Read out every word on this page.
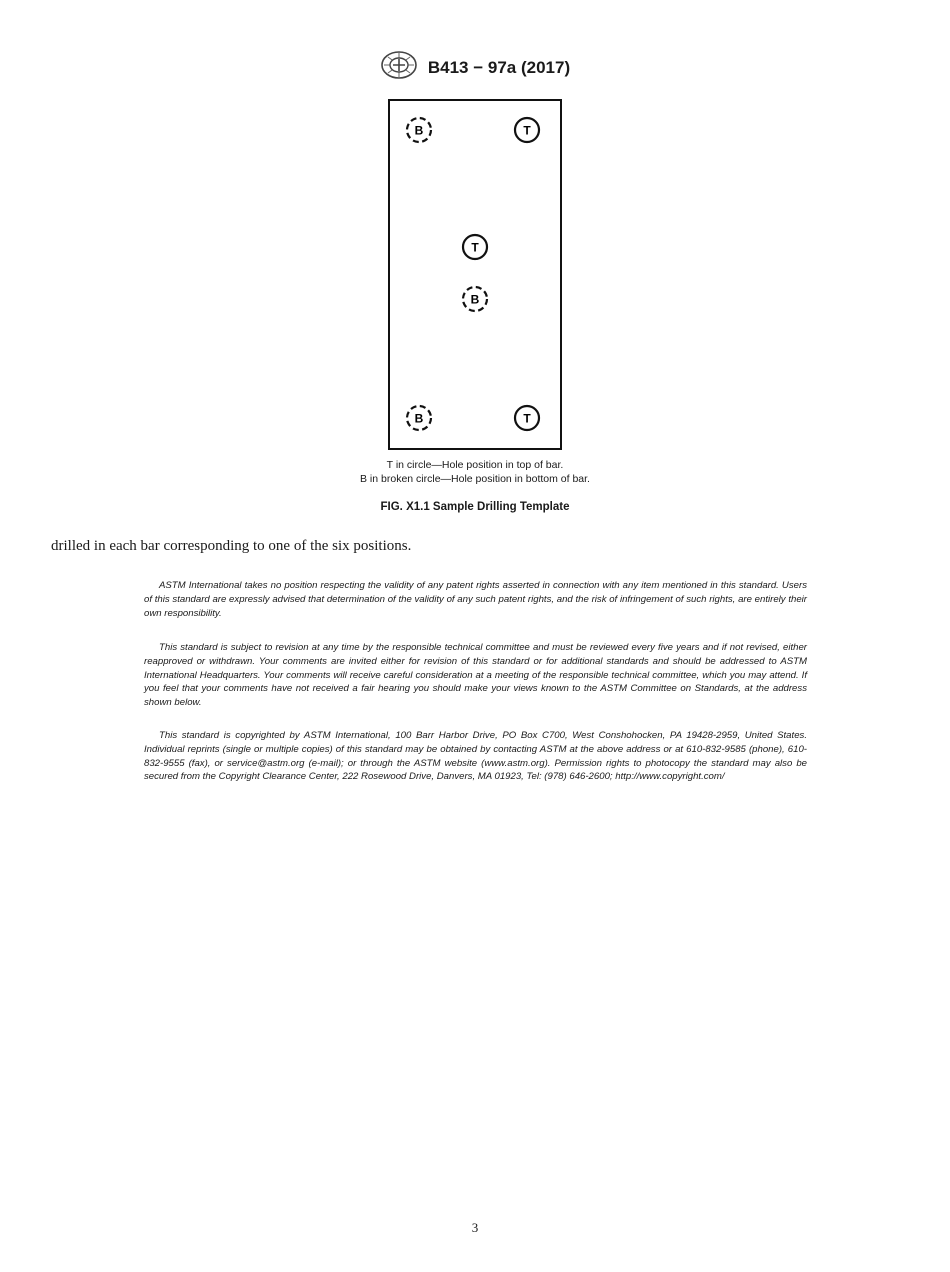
B413 − 97a (2017)
B	T
T
B
B	T
T in circle—Hole position in top of bar.
B in broken circle—Hole position in bottom of bar.
FIG. X1.1 Sample Drilling Template
drilled in each bar corresponding to one of the six positions.

ASTM International takes no position respecting the validity of any patent rights asserted in connection with any item mentioned in this standard. Users of this standard are expressly advised that determination of the validity of any such patent rights, and the risk of infringement of such rights, are entirely their own responsibility.

This standard is subject to revision at any time by the responsible technical committee and must be reviewed every five years and if not revised, either reapproved or withdrawn. Your comments are invited either for revision of this standard or for additional standards and should be addressed to ASTM International Headquarters. Your comments will receive careful consideration at a meeting of the responsible technical committee, which you may attend. If you feel that your comments have not received a fair hearing you should make your views known to the ASTM Committee on Standards, at the address shown below.

This standard is copyrighted by ASTM International, 100 Barr Harbor Drive, PO Box C700, West Conshohocken, PA 19428-2959, United States. Individual reprints (single or multiple copies) of this standard may be obtained by contacting ASTM at the above address or at 610-832-9585 (phone), 610-832-9555 (fax), or service@astm.org (e-mail); or through the ASTM website (www.astm.org). Permission rights to photocopy the standard may also be secured from the Copyright Clearance Center, 222 Rosewood Drive, Danvers, MA 01923, Tel: (978) 646-2600; http://www.copyright.com/

3
